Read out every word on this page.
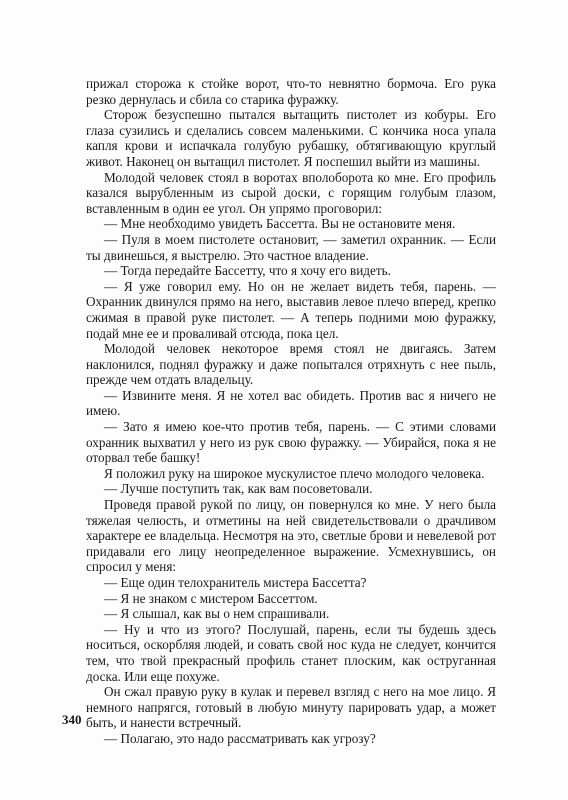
прижал сторожа к стойке ворот, что-то невнятно бормоча. Его рука резко дернулась и сбила со старика фуражку.

Сторож безуспешно пытался вытащить пистолет из кобуры. Его глаза сузились и сделались совсем маленькими. С кончика носа упала капля крови и испачкала голубую рубашку, обтягивающую круглый живот. Наконец он вытащил пистолет. Я поспешил выйти из машины.

Молодой человек стоял в воротах вполоборота ко мне. Его профиль казался вырубленным из сырой доски, с горящим голубым глазом, вставленным в один ее угол. Он упрямо проговорил:

— Мне необходимо увидеть Бассетта. Вы не остановите меня.

— Пуля в моем пистолете остановит, — заметил охранник. — Если ты двинешься, я выстрелю. Это частное владение.

— Тогда передайте Бассетту, что я хочу его видеть.

— Я уже говорил ему. Но он не желает видеть тебя, парень. — Охранник двинулся прямо на него, выставив левое плечо вперед, крепко сжимая в правой руке пистолет. — А теперь подними мою фуражку, подай мне ее и проваливай отсюда, пока цел.

Молодой человек некоторое время стоял не двигаясь. Затем наклонился, поднял фуражку и даже попытался отряхнуть с нее пыль, прежде чем отдать владельцу.

— Извините меня. Я не хотел вас обидеть. Против вас я ничего не имею.

— Зато я имею кое-что против тебя, парень. — С этими словами охранник выхватил у него из рук свою фуражку. — Убирайся, пока я не оторвал тебе башку!

Я положил руку на широкое мускулистое плечо молодого человека.

— Лучше поступить так, как вам посоветовали.

Проведя правой рукой по лицу, он повернулся ко мне. У него была тяжелая челюсть, и отметины на ней свидетельствовали о драчливом характере ее владельца. Несмотря на это, светлые брови и невелевой рот придавали его лицу неопределенное выражение. Усмехнувшись, он спросил у меня:

— Еще один телохранитель мистера Бассетта?

— Я не знаком с мистером Бассеттом.

— Я слышал, как вы о нем спрашивали.

— Ну и что из этого? Послушай, парень, если ты будешь здесь носиться, оскорбляя людей, и совать свой нос куда не следует, кончится тем, что твой прекрасный профиль станет плоским, как оструганная доска. Или еще похуже.

Он сжал правую руку в кулак и перевел взгляд с него на мое лицо. Я немного напрягся, готовый в любую минуту парировать удар, а может быть, и нанести встречный.

— Полагаю, это надо рассматривать как угрозу?

340
